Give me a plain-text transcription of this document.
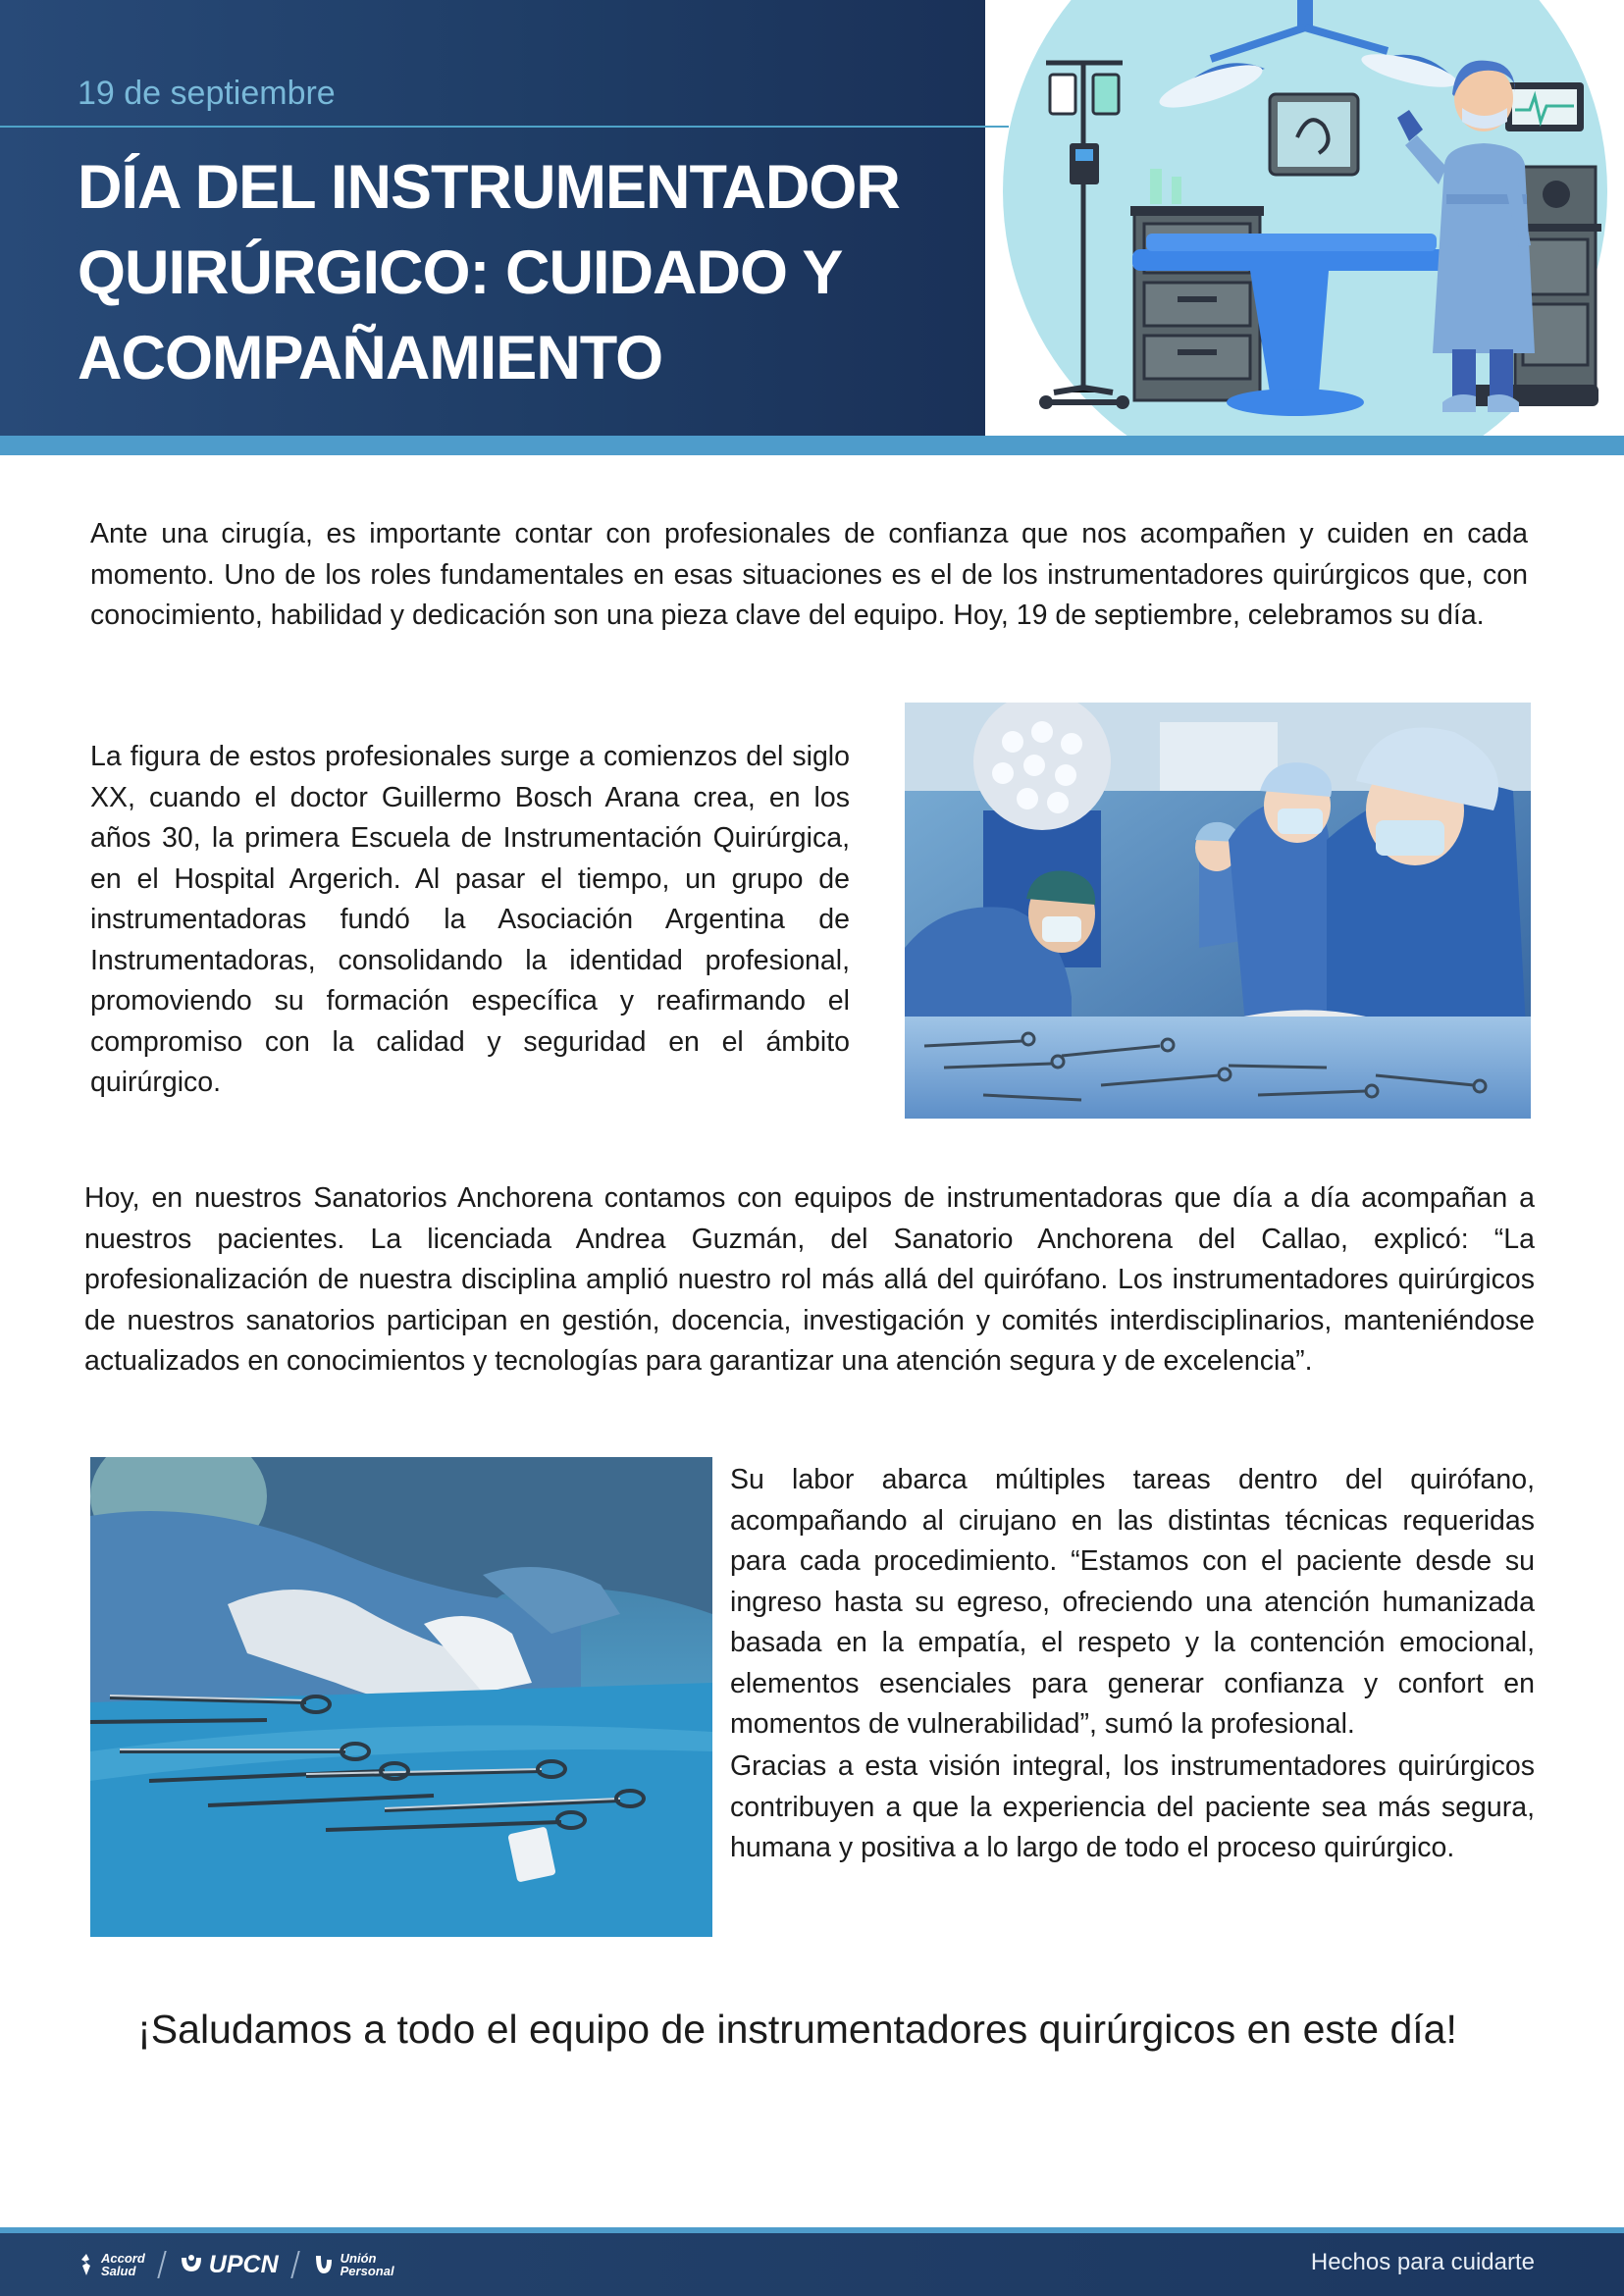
19 de septiembre
DÍA DEL INSTRUMENTADOR
QUIRÚRGICO: CUIDADO Y
ACOMPAÑAMIENTO

Ante una cirugía, es importante contar con profesionales de confianza que nos acompañen y cuiden en cada momento. Uno de los roles fundamentales en esas situaciones es el de los instrumentadores quirúrgicos que, con conocimiento, habilidad y dedicación son una pieza clave del equipo. Hoy, 19 de septiembre, celebramos su día.

La figura de estos profesionales surge a comienzos del siglo XX, cuando el doctor Guillermo Bosch Arana crea, en los años 30, la primera Escuela de Instrumentación Quirúrgica, en el Hospital Argerich. Al pasar el tiempo, un grupo de instrumentadoras fundó la Asociación Argentina de Instrumentadoras, consolidando la identidad profesional, promoviendo su formación específica y reafirmando el compromiso con la calidad y seguridad en el ámbito quirúrgico.

Hoy, en nuestros Sanatorios Anchorena contamos con equipos de instrumentadoras que día a día acompañan a nuestros pacientes. La licenciada Andrea Guzmán, del Sanatorio Anchorena del Callao, explicó: “La profesionalización de nuestra disciplina amplió nuestro rol más allá del quirófano. Los instrumentadores quirúrgicos de nuestros sanatorios participan en gestión, docencia, investigación y comités interdisciplinarios, manteniéndose actualizados en conocimientos y tecnologías para garantizar una atención segura y de excelencia”.

Su labor abarca múltiples tareas dentro del quirófano, acompañando al cirujano en las distintas técnicas requeridas para cada procedimiento. “Estamos con el paciente desde su ingreso hasta su egreso, ofreciendo una atención humanizada basada en la empatía, el respeto y la contención emocional, elementos esenciales para generar confianza y confort en momentos de vulnerabilidad”, sumó la profesional.

Gracias a esta visión integral, los instrumentadores quirúrgicos contribuyen a que la experiencia del paciente sea más segura, humana y positiva a lo largo de todo el proceso quirúrgico.

¡Saludamos a todo el equipo de instrumentadores quirúrgicos en este día!
Accord
Salud	UPCN	Unión
Personal	Hechos para cuidarte
